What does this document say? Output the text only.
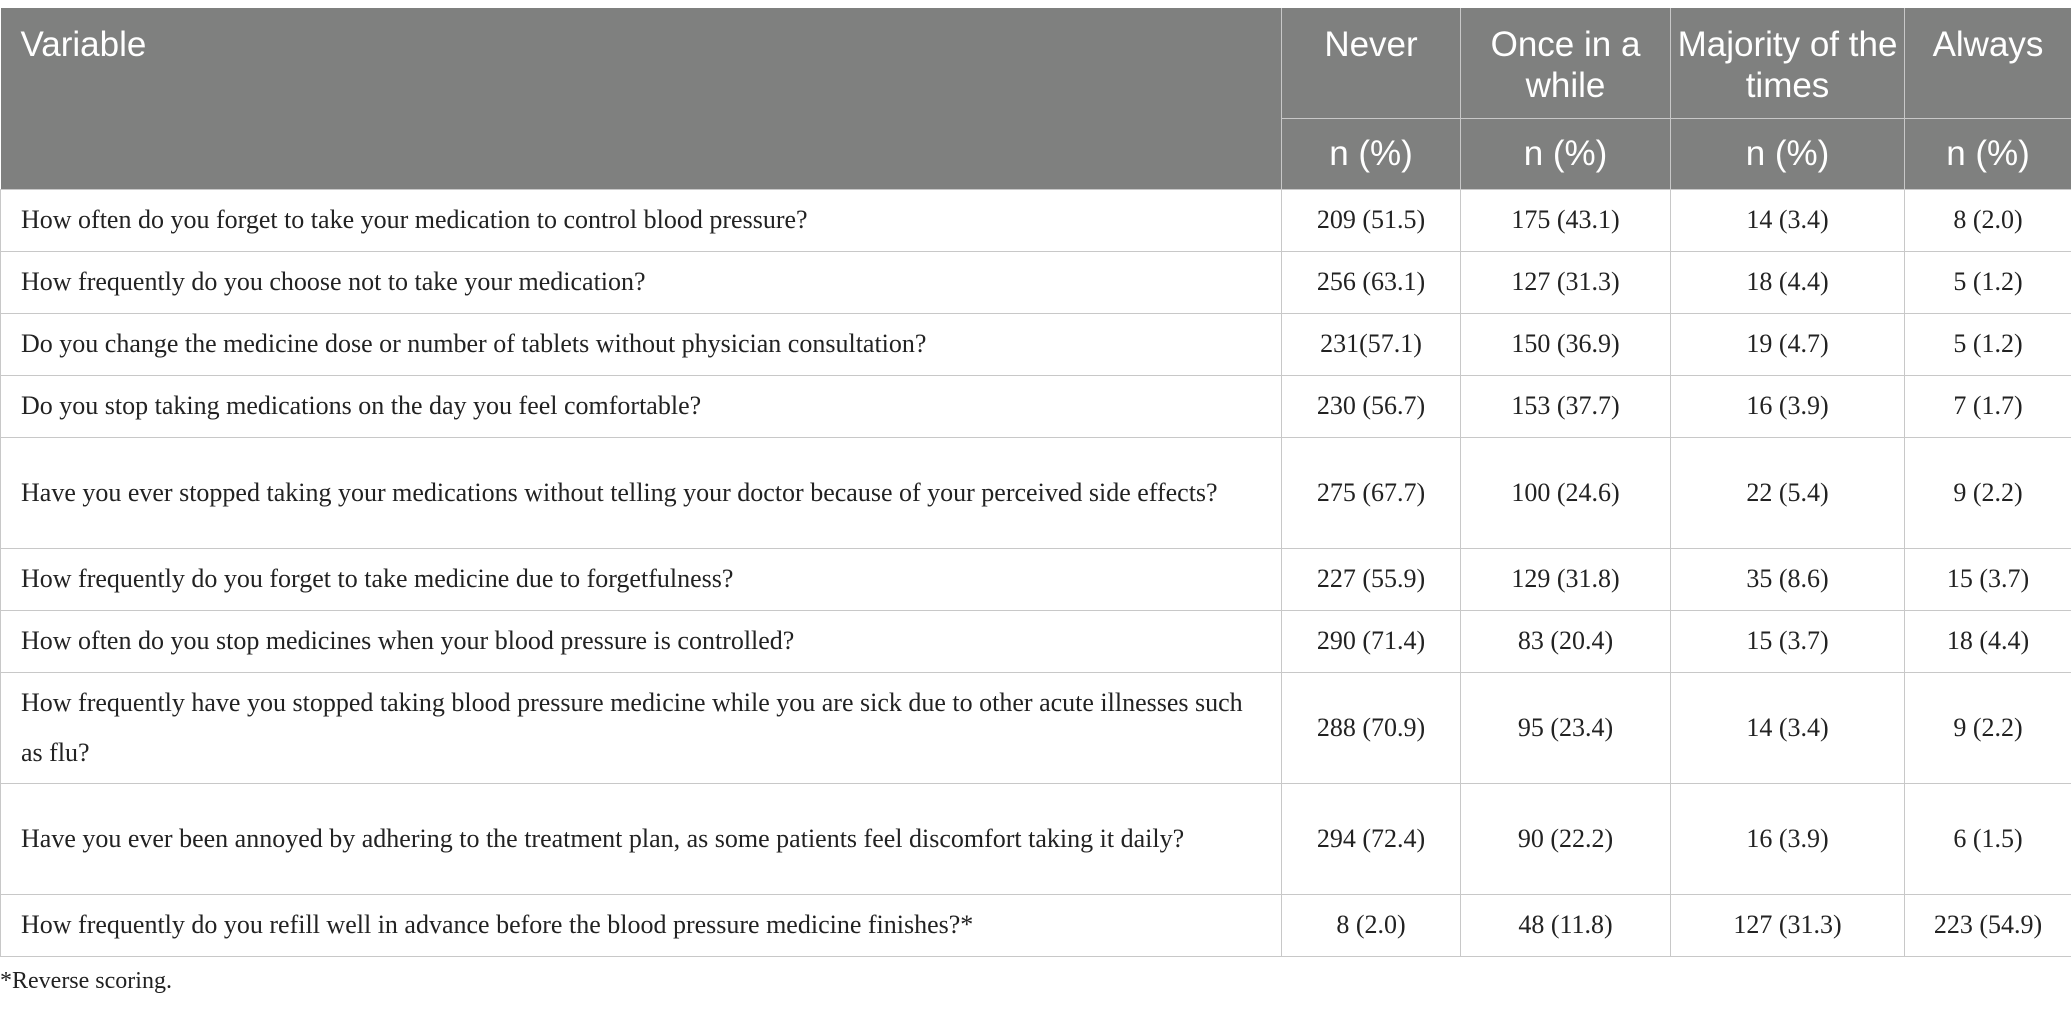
Variable	Never	Once in a while	Majority of the times	Always
	n (%)	n (%)	n (%)	n (%)
How often do you forget to take your medication to control blood pressure?	209 (51.5)	175 (43.1)	14 (3.4)	8 (2.0)
How frequently do you choose not to take your medication?	256 (63.1)	127 (31.3)	18 (4.4)	5 (1.2)
Do you change the medicine dose or number of tablets without physician consultation?	231(57.1)	150 (36.9)	19 (4.7)	5 (1.2)
Do you stop taking medications on the day you feel comfortable?	230 (56.7)	153 (37.7)	16 (3.9)	7 (1.7)
Have you ever stopped taking your medications without telling your doctor because of your perceived side effects?	275 (67.7)	100 (24.6)	22 (5.4)	9 (2.2)
How frequently do you forget to take medicine due to forgetfulness?	227 (55.9)	129 (31.8)	35 (8.6)	15 (3.7)
How often do you stop medicines when your blood pressure is controlled?	290 (71.4)	83 (20.4)	15 (3.7)	18 (4.4)
How frequently have you stopped taking blood pressure medicine while you are sick due to other acute illnesses such as flu?	288 (70.9)	95 (23.4)	14 (3.4)	9 (2.2)
Have you ever been annoyed by adhering to the treatment plan, as some patients feel discomfort taking it daily?	294 (72.4)	90 (22.2)	16 (3.9)	6 (1.5)
How frequently do you refill well in advance before the blood pressure medicine finishes?*	8 (2.0)	48 (11.8)	127 (31.3)	223 (54.9)
*Reverse scoring.
